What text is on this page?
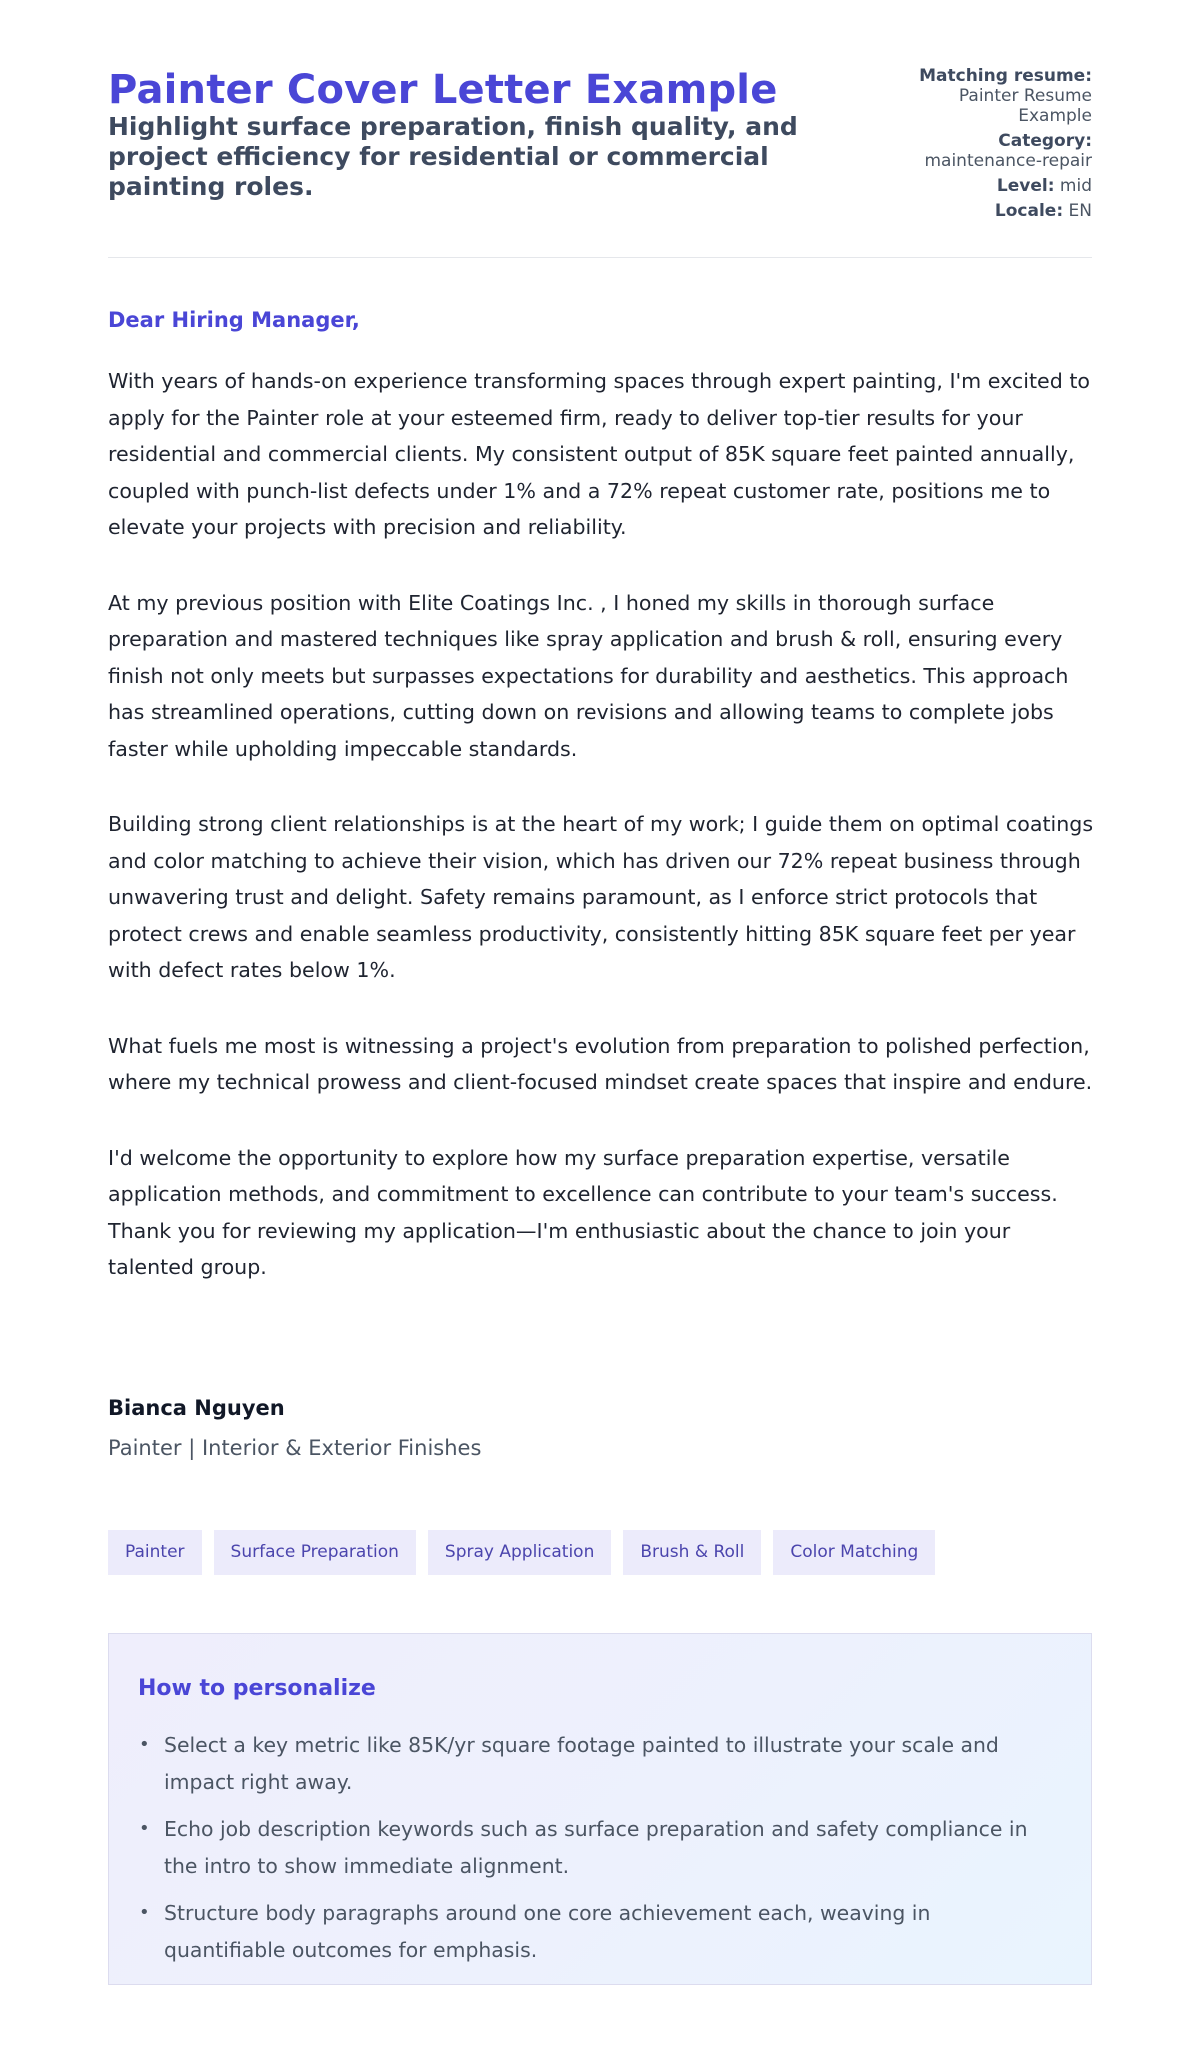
Painter Cover Letter Example
Highlight surface preparation, finish quality, and project efficiency for residential or commercial painting roles.
Matching resume:
Painter Resume Example
Category:
maintenance-repair
Level: mid
Locale: EN
Dear Hiring Manager,

With years of hands-on experience transforming spaces through expert painting, I'm excited to apply for the Painter role at your esteemed firm, ready to deliver top-tier results for your residential and commercial clients. My consistent output of 85K square feet painted annually, coupled with punch-list defects under 1% and a 72% repeat customer rate, positions me to elevate your projects with precision and reliability.

At my previous position with Elite Coatings Inc. , I honed my skills in thorough surface preparation and mastered techniques like spray application and brush & roll, ensuring every finish not only meets but surpasses expectations for durability and aesthetics. This approach has streamlined operations, cutting down on revisions and allowing teams to complete jobs faster while upholding impeccable standards.

Building strong client relationships is at the heart of my work; I guide them on optimal coatings and color matching to achieve their vision, which has driven our 72% repeat business through unwavering trust and delight. Safety remains paramount, as I enforce strict protocols that protect crews and enable seamless productivity, consistently hitting 85K square feet per year with defect rates below 1%.

What fuels me most is witnessing a project's evolution from preparation to polished perfection, where my technical prowess and client-focused mindset create spaces that inspire and endure.

I'd welcome the opportunity to explore how my surface preparation expertise, versatile application methods, and commitment to excellence can contribute to your team's success. Thank you for reviewing my application—I'm enthusiastic about the chance to join your talented group.

Bianca Nguyen
Painter | Interior & Exterior Finishes
Painter	Surface Preparation	Spray Application	Brush & Roll	Color Matching
How to personalize
• Select a key metric like 85K/yr square footage painted to illustrate your scale and impact right away.
• Echo job description keywords such as surface preparation and safety compliance in the intro to show immediate alignment.
• Structure body paragraphs around one core achievement each, weaving in quantifiable outcomes for emphasis.
